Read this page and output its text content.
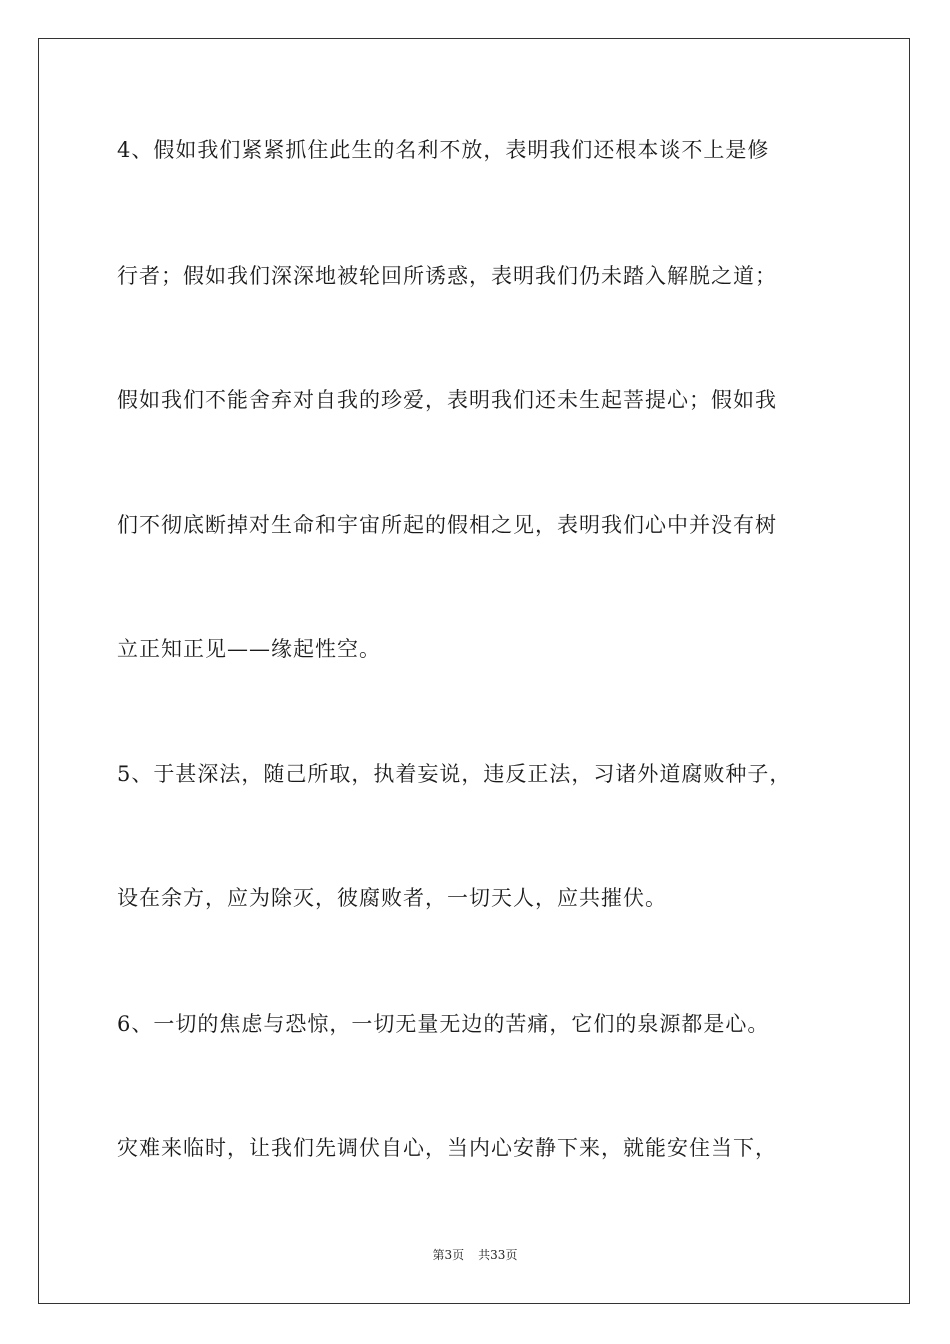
4、假如我们紧紧抓住此生的名利不放，表明我们还根本谈不上是修
行者；假如我们深深地被轮回所诱惑，表明我们仍未踏入解脱之道；
假如我们不能舍弃对自我的珍爱，表明我们还未生起菩提心；假如我
们不彻底断掉对生命和宇宙所起的假相之见，表明我们心中并没有树
立正知正见——缘起性空。
5、于甚深法，随己所取，执着妄说，违反正法，习诸外道腐败种子，
设在余方，应为除灭，彼腐败者，一切天人，应共摧伏。
6、一切的焦虑与恐惊，一切无量无边的苦痛，它们的泉源都是心。
灾难来临时，让我们先调伏自心，当内心安静下来，就能安住当下，
第3页 共33页
